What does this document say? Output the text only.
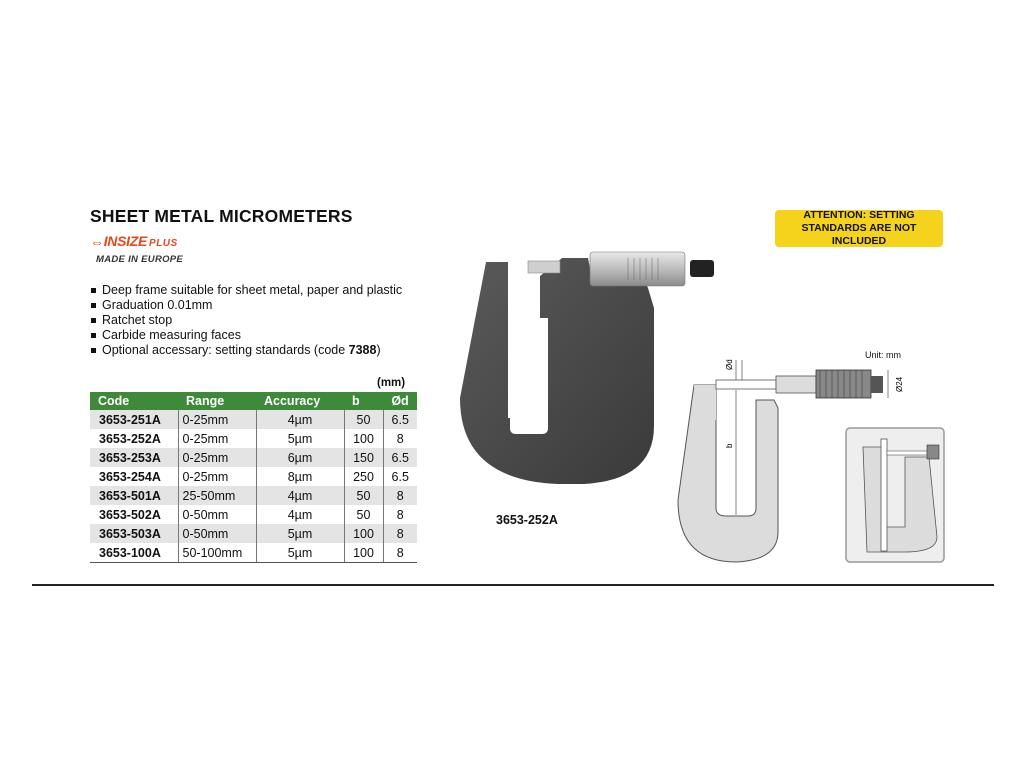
SHEET METAL MICROMETERS
⇔INSIZE PLUS
MADE IN EUROPE
Deep frame suitable for sheet metal, paper and plastic
Graduation 0.01mm
Ratchet stop
Carbide measuring faces
Optional accessary: setting standards (code 7388)
(mm)
Code	Range	Accuracy	b	Ød
3653-251A	0-25mm	4µm	50	6.5
3653-252A	0-25mm	5µm	100	8
3653-253A	0-25mm	6µm	150	6.5
3653-254A	0-25mm	8µm	250	6.5
3653-501A	25-50mm	4µm	50	8
3653-502A	0-50mm	4µm	50	8
3653-503A	0-50mm	5µm	100	8
3653-100A	50-100mm	5µm	100	8
3653-252A
ATTENTION: SETTING
STANDARDS ARE NOT INCLUDED
Unit: mm
Ød
b
Ø24
